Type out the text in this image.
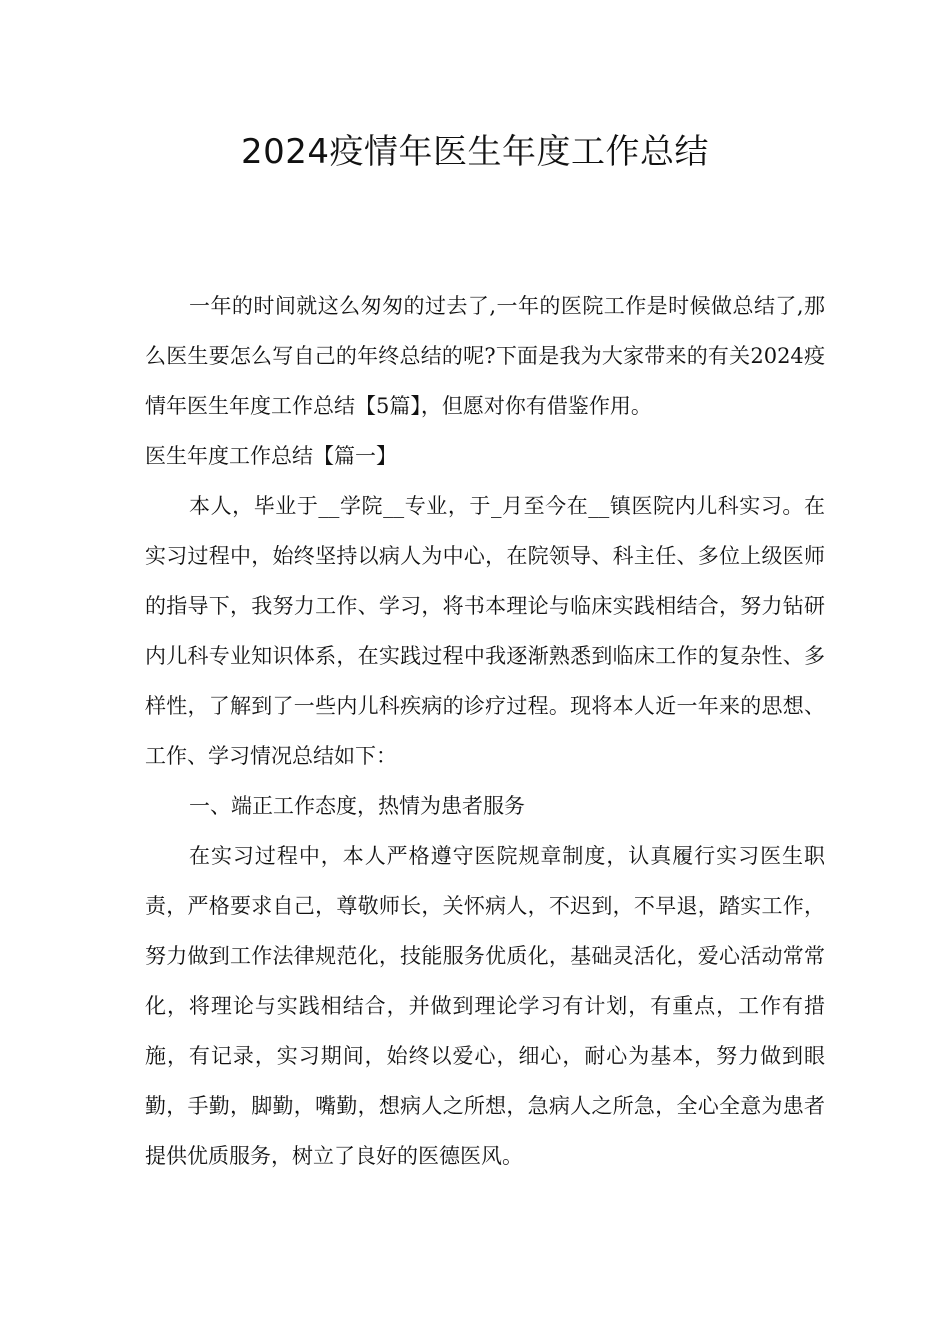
2024疫情年医生年度工作总结

一年的时间就这么匆匆的过去了,一年的医院工作是时候做总结了,那么医生要怎么写自己的年终总结的呢?下面是我为大家带来的有关2024疫情年医生年度工作总结【5篇】，但愿对你有借鉴作用。

医生年度工作总结【篇一】

本人，毕业于__学院__专业，于_月至今在__镇医院内儿科实习。在实习过程中，始终坚持以病人为中心，在院领导、科主任、多位上级医师的指导下，我努力工作、学习，将书本理论与临床实践相结合，努力钻研内儿科专业知识体系，在实践过程中我逐渐熟悉到临床工作的复杂性、多样性，了解到了一些内儿科疾病的诊疗过程。现将本人近一年来的思想、工作、学习情况总结如下：

一、端正工作态度，热情为患者服务

在实习过程中，本人严格遵守医院规章制度，认真履行实习医生职责，严格要求自己，尊敬师长，关怀病人，不迟到，不早退，踏实工作，努力做到工作法律规范化，技能服务优质化，基础灵活化，爱心活动常常化，将理论与实践相结合，并做到理论学习有计划，有重点，工作有措施，有记录，实习期间，始终以爱心，细心，耐心为基本，努力做到眼勤，手勤，脚勤，嘴勤，想病人之所想，急病人之所急，全心全意为患者提供优质服务，树立了良好的医德医风。
